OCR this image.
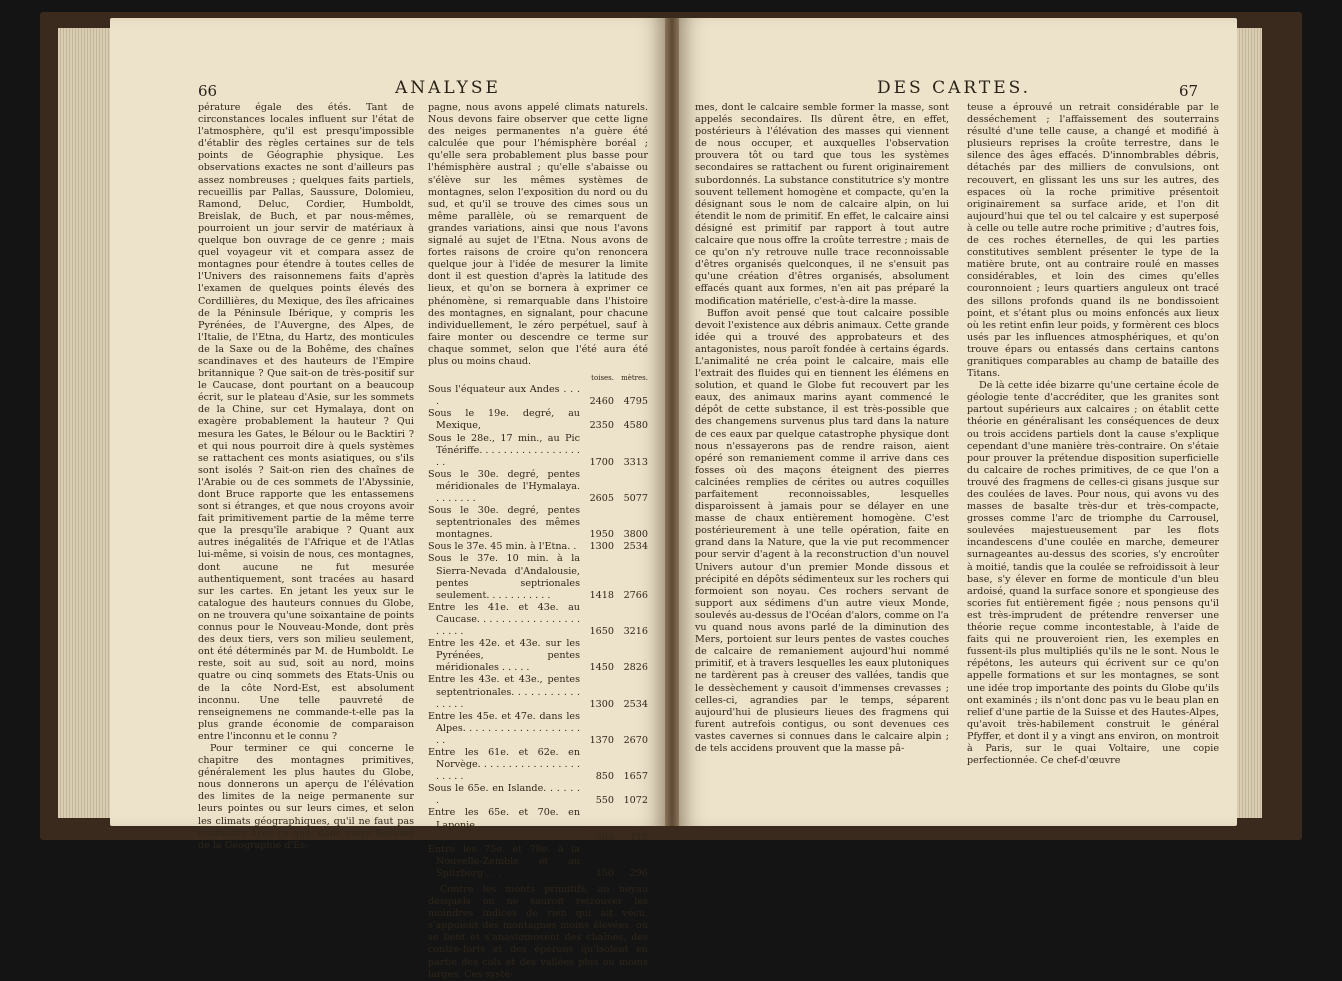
66	ANALYSE

pérature égale des étés. Tant de circonstances locales influent sur l'état de l'atmosphère, qu'il est presqu'impossible d'établir des règles certaines sur de tels points de Géographie physique. Les observations exactes ne sont d'ailleurs pas assez nombreuses ; quelques faits partiels, recueillis par Pallas, Saussure, Dolomieu, Ramond, Deluc, Cordier, Humboldt, Breislak, de Buch, et par nous-mêmes, pourroient un jour servir de matériaux à quelque bon ouvrage de ce genre ; mais quel voyageur vit et compara assez de montagnes pour étendre à toutes celles de l'Univers des raisonnemens faits d'après l'examen de quelques points élevés des Cordillières, du Mexique, des îles africaines de la Péninsule Ibérique, y compris les Pyrénées, de l'Auvergne, des Alpes, de l'Italie, de l'Etna, du Hartz, des monticules de la Saxe ou de la Bohême, des chaînes scandinaves et des hauteurs de l'Empire britannique ? Que sait-on de très-positif sur le Caucase, dont pourtant on a beaucoup écrit, sur le plateau d'Asie, sur les sommets de la Chine, sur cet Hymalaya, dont on exagère probablement la hauteur ? Qui mesura les Gates, le Bélour ou le Backtiri ? et qui nous pourroit dire à quels systèmes se rattachent ces monts asiatiques, ou s'ils sont isolés ? Sait-on rien des chaînes de l'Arabie ou de ces sommets de l'Abyssinie, dont Bruce rapporte que les entassemens sont si étranges, et que nous croyons avoir fait primitivement partie de la même terre que la presqu'île arabique ? Quant aux autres inégalités de l'Afrique et de l'Atlas lui-même, si voisin de nous, ces montagnes, dont aucune ne fut mesurée authentiquement, sont tracées au hasard sur les cartes. En jetant les yeux sur le catalogue des hauteurs connues du Globe, on ne trouvera qu'une soixantaine de points connus pour le Nouveau-Monde, dont près des deux tiers, vers son milieu seulement, ont été déterminés par M. de Humboldt. Le reste, soit au sud, soit au nord, moins quatre ou cinq sommets des Etats-Unis ou de la côte Nord-Est, est absolument inconnu. Une telle pauvreté de renseignemens ne commande-t-elle pas la plus grande économie de comparaison entre l'inconnu et le connu ?

Pour terminer ce qui concerne le chapitre des montagnes primitives, généralement les plus hautes du Globe, nous donnerons un aperçu de l'élévation des limites de la neige permanente sur leurs pointes ou sur leurs cimes, et selon les climats géographiques, qu'il ne faut pas confondre avec ce que, dans notre Résumé de la Géographie d'Es-

pagne, nous avons appelé climats naturels. Nous devons faire observer que cette ligne des neiges permanentes n'a guère été calculée que pour l'hémisphère boréal ; qu'elle sera probablement plus basse pour l'hémisphère austral ; qu'elle s'abaisse ou s'élève sur les mêmes systèmes de montagnes, selon l'exposition du nord ou du sud, et qu'il se trouve des cimes sous un même parallèle, où se remarquent de grandes variations, ainsi que nous l'avons signalé au sujet de l'Etna. Nous avons de fortes raisons de croire qu'on renoncera quelque jour à l'idée de mesurer la limite dont il est question d'après la latitude des lieux, et qu'on se bornera à exprimer ce phénomène, si remarquable dans l'histoire des montagnes, en signalant, pour chacune individuellement, le zéro perpétuel, sauf à faire monter ou descendre ce terme sur chaque sommet, selon que l'été aura été plus ou moins chaud.

	toises.	mètres.
Sous l'équateur aux Andes . . . .	2460	4795
Sous le 19e. degré, au Mexique,	2350	4580
Sous le 28e., 17 min., au Pic Ténériffe. . . . . . . . . . . . . . . . . . .	1700	3313
Sous le 30e. degré, pentes méridionales de l'Hymalaya. . . . . . . .	2605	5077
Sous le 30e. degré, pentes septentrionales des mêmes montagnes.	1950	3800
Sous le 37e. 45 min. à l'Etna. .	1300	2534
Sous le 37e. 10 min. à la Sierra-Nevada d'Andalousie, pentes septrionales seulement. . . . . . . . . . .	1418	2766
Entre les 41e. et 43e. au Caucase. . . . . . . . . . . . . . . . . . . . . .	1650	3216
Entre les 42e. et 43e. sur les Pyrénées, pentes méridionales . . . . .	1450	2826
Entre les 43e. et 43e., pentes septentrionales. . . . . . . . . . . . . . . .	1300	2534
Entre les 45e. et 47e. dans les Alpes. . . . . . . . . . . . . . . . . . . . .	1370	2670
Entre les 61e. et 62e. en Norvège. . . . . . . . . . . . . . . . . . . . . .	850	1657
Sous le 65e. en Islande. . . . . . .	550	1072
Entre les 65e. et 70e. en Laponie. . . . . . . . . . . . . . . . . . . . .	366	713
Entre les 75e. et 78e. à la Nouvelle-Zemble et au Spitzberg . . . .	150	296

Contre les monts primitifs, au noyau desquels on ne sauroit retrouver les moindres indices de rien qui ait vécu, s'appuient des montagnes moins élevées, où se lient et s'anastomosent des chaînes, des contre-forts et des éperons qu'isolent en partie des cols et des vallées plus ou moins larges. Ces systè-

DES CARTES.	67

mes, dont le calcaire semble former la masse, sont appelés secondaires. Ils dûrent être, en effet, postérieurs à l'élévation des masses qui viennent de nous occuper, et auxquelles l'observation prouvera tôt ou tard que tous les systèmes secondaires se rattachent ou furent originairement subordonnés. La substance constitutrice s'y montre souvent tellement homogène et compacte, qu'en la désignant sous le nom de calcaire alpin, on lui étendit le nom de primitif. En effet, le calcaire ainsi désigné est primitif par rapport à tout autre calcaire que nous offre la croûte terrestre ; mais de ce qu'on n'y retrouve nulle trace reconnoissable d'êtres organisés quelconques, il ne s'ensuit pas qu'une création d'êtres organisés, absolument effacés quant aux formes, n'en ait pas préparé la modification matérielle, c'est-à-dire la masse.

Buffon avoit pensé que tout calcaire possible devoit l'existence aux débris animaux. Cette grande idée qui a trouvé des approbateurs et des antagonistes, nous paroît fondée à certains égards. L'animalité ne créa point le calcaire, mais elle l'extrait des fluides qui en tiennent les élémens en solution, et quand le Globe fut recouvert par les eaux, des animaux marins ayant commencé le dépôt de cette substance, il est très-possible que des changemens survenus plus tard dans la nature de ces eaux par quelque catastrophe physique dont nous n'essayerons pas de rendre raison, aient opéré son remaniement comme il arrive dans ces fosses où des maçons éteignent des pierres calcinées remplies de cérites ou autres coquilles parfaitement reconnoissables, lesquelles disparoissent à jamais pour se délayer en une masse de chaux entièrement homogène. C'est postérieurement à une telle opération, faite en grand dans la Nature, que la vie put recommencer pour servir d'agent à la reconstruction d'un nouvel Univers autour d'un premier Monde dissous et précipité en dépôts sédimenteux sur les rochers qui formoient son noyau. Ces rochers servant de support aux sédimens d'un autre vieux Monde, soulevés au-dessus de l'Océan d'alors, comme on l'a vu quand nous avons parlé de la diminution des Mers, portoient sur leurs pentes de vastes couches de calcaire de remaniement aujourd'hui nommé primitif, et à travers lesquelles les eaux plutoniques ne tardèrent pas à creuser des vallées, tandis que le dessèchement y causoit d'immenses crevasses ; celles-ci, agrandies par le temps, séparent aujourd'hui de plusieurs lieues des fragmens qui furent autrefois contigus, ou sont devenues ces vastes cavernes si connues dans le calcaire alpin ; de tels accidens prouvent que la masse pâ-

teuse a éprouvé un retrait considérable par le desséchement ; l'affaissement des souterrains résulté d'une telle cause, a changé et modifié à plusieurs reprises la croûte terrestre, dans le silence des âges effacés. D'innombrables débris, détachés par des milliers de convulsions, ont recouvert, en glissant les uns sur les autres, des espaces où la roche primitive présentoit originairement sa surface aride, et l'on dit aujourd'hui que tel ou tel calcaire y est superposé à celle ou telle autre roche primitive ; d'autres fois, de ces roches éternelles, de qui les parties constitutives semblent présenter le type de la matière brute, ont au contraire roulé en masses considérables, et loin des cimes qu'elles couronnoient ; leurs quartiers anguleux ont tracé des sillons profonds quand ils ne bondissoient point, et s'étant plus ou moins enfoncés aux lieux où les retint enfin leur poids, y formèrent ces blocs usés par les influences atmosphériques, et qu'on trouve épars ou entassés dans certains cantons granitiques comparables au champ de bataille des Titans.

De là cette idée bizarre qu'une certaine école de géologie tente d'accréditer, que les granites sont partout supérieurs aux calcaires ; on établit cette théorie en généralisant les conséquences de deux ou trois accidens partiels dont la cause s'explique cependant d'une manière très-contraire. On s'étaie pour prouver la prétendue disposition superficielle du calcaire de roches primitives, de ce que l'on a trouvé des fragmens de celles-ci gisans jusque sur des coulées de laves. Pour nous, qui avons vu des masses de basalte très-dur et très-compacte, grosses comme l'arc de triomphe du Carrousel, soulevées majestueusement par les flots incandescens d'une coulée en marche, demeurer surnageantes au-dessus des scories, s'y encroûter à moitié, tandis que la coulée se refroidissoit à leur base, s'y élever en forme de monticule d'un bleu ardoisé, quand la surface sonore et spongieuse des scories fut entièrement figée ; nous pensons qu'il est très-imprudent de prétendre renverser une théorie reçue comme incontestable, à l'aide de faits qui ne prouveroient rien, les exemples en fussent-ils plus multipliés qu'ils ne le sont. Nous le répétons, les auteurs qui écrivent sur ce qu'on appelle formations et sur les montagnes, se sont une idée trop importante des points du Globe qu'ils ont examinés ; ils n'ont donc pas vu le beau plan en relief d'une partie de la Suisse et des Hautes-Alpes, qu'avoit très-habilement construit le général Pfyffer, et dont il y a vingt ans environ, on montroit à Paris, sur le quai Voltaire, une copie perfectionnée. Ce chef-d'œuvre
